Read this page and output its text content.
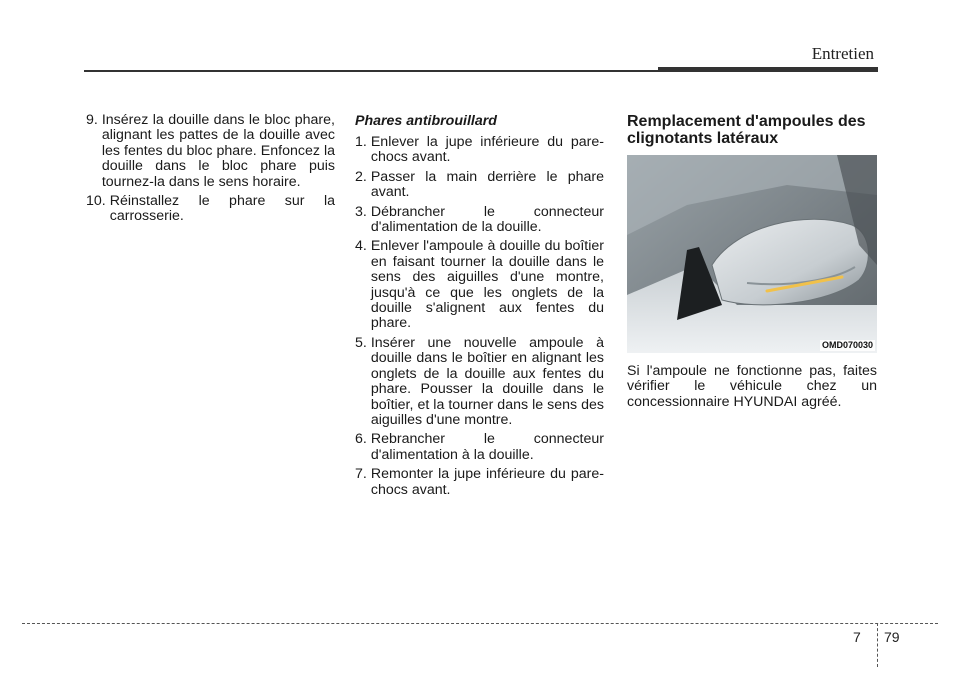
Entretien
9. Insérez la douille dans le bloc phare, alignant les pattes de la douille avec les fentes du bloc phare. Enfoncez la douille dans le bloc phare puis tournez-la dans le sens horaire.
10. Réinstallez le phare sur la carrosserie.
Phares antibrouillard
1. Enlever la jupe inférieure du pare-chocs avant.
2. Passer la main derrière le phare avant.
3. Débrancher le connecteur d'alimentation de la douille.
4. Enlever l'ampoule à douille du boîtier en faisant tourner la douille dans le sens des aiguilles d'une montre, jusqu'à ce que les onglets de la douille s'alignent aux fentes du phare.
5. Insérer une nouvelle ampoule à douille dans le boîtier en alignant les onglets de la douille aux fentes du phare. Pousser la douille dans le boîtier, et la tourner dans le sens des aiguilles d'une montre.
6. Rebrancher le connecteur d'alimentation à la douille.
7. Remonter la jupe inférieure du pare-chocs avant.
Remplacement d'ampoules des clignotants latéraux
OMD070030
Si l'ampoule ne fonctionne pas, faites vérifier le véhicule chez un concessionnaire HYUNDAI agréé.
7 79
